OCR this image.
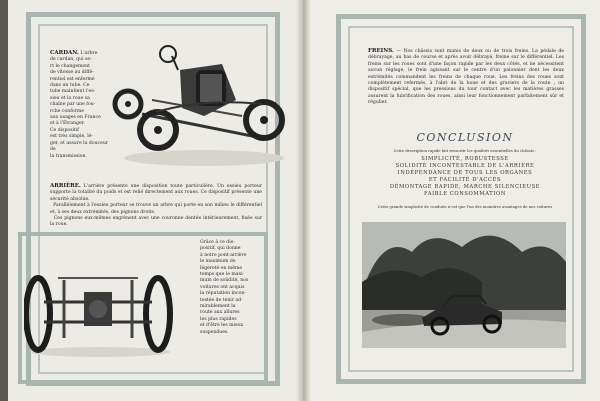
CARDAN. L'arbre
de cardan, qui se-
rt le changement
de vitesse au diffé-
rentiel est enfermé
dans un tube. Ce
tube maintient l'es-
sieu et la roue sa
chaîne par une fou-
rche conforme
aux usages en France
et à l'Étranger.
Ce dispositif
est très simple, lé-
ger, et assure la douceur de
la transmission.
ARRIÈRE. L'arrière présente une disposition toute particulière. Un essieu porteur supporte la totalité du poids et est relié directement aux roues. Ce dispositif présente une sécurité absolue.
Parallèlement à l'essieu porteur se trouve un arbre qui porte en son milieu le différentiel et, à ses deux extrémités, des pignons droits.
Ces pignons eux-mêmes engrènent avec une couronne dentée intérieurement, fixée sur la roue.
Grâce à ce dis-
positif, qui donne
à notre pont-arrière
le maximum de
légèreté en même
temps que le maxi-
mum de solidité, nos
voitures ont acquis
la réputation incon-
testée de tenir ad-
mirablement la
route aux allures
les plus rapides
et d'être les mieux
suspendues.
FREINS. — Nos châssis sont munis de deux ou de trois freins. La pédale de débrayage, au bas de course et après avoir débrayé, freine sur le différentiel. Les freins sur les roues sont d'une façon rapide par les deux côtés, et ne nécessitent aucun réglage, le frein agissant sur le centre d'un palonnier dont les deux extrémités commandent les freins de chaque roue. Les freins des roues sont complètement refermés, à l'abri de la boue et des graviers de la route ; un dispositif spécial, que les pressions du tour contact avec les matières grasses assurent la lubrification des roues, ainsi leur fonctionnement parfaitement sûr et régulier.
CONCLUSION
Cette description rapide fait ressortir les qualités essentielles du châssis :
SIMPLICITÉ, ROBUSTESSE
SOLIDITÉ INCONTESTABLE DE L'ARRIÈRE
INDÉPENDANCE DE TOUS LES ORGANES
ET FACILITÉ D'ACCÈS
DÉMONTAGE RAPIDE, MARCHE SILENCIEUSE
FAIBLE CONSOMMATION
Cette grande simplicité de conduite n'est que l'un des moindres avantages de nos voitures
